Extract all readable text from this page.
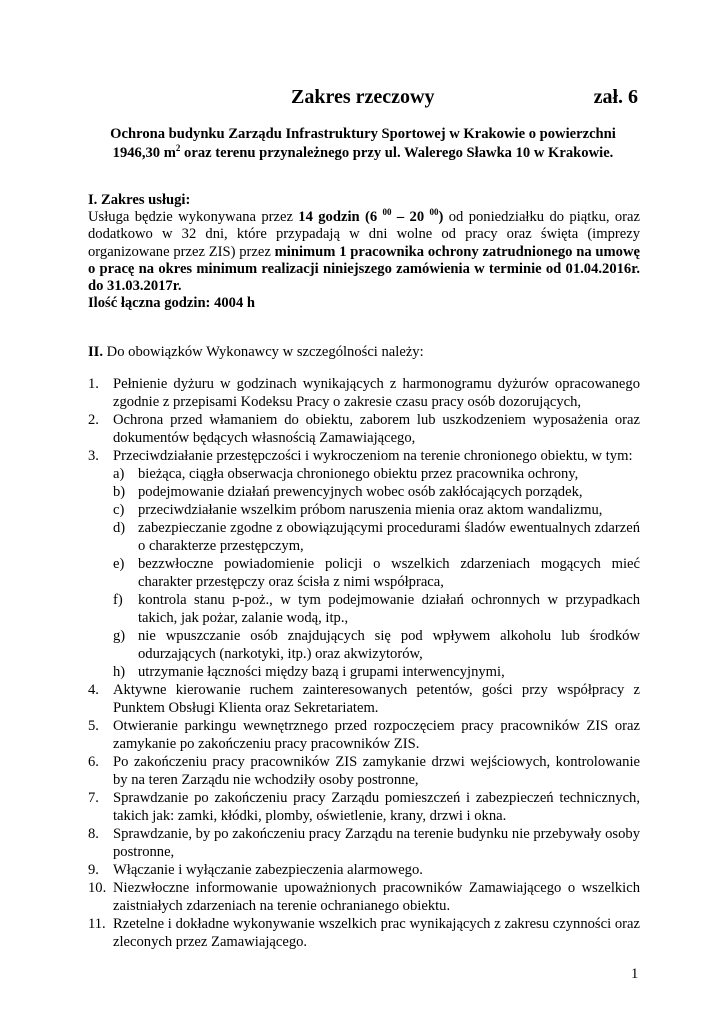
Zakres rzeczowy	zał. 6
Ochrona budynku Zarządu Infrastruktury Sportowej w Krakowie o powierzchni
1946,30 $m^2$ oraz terenu przynależnego przy ul. Walerego Sławka 10 w Krakowie.
I. Zakres usługi:
Usługa będzie wykonywana przez 14 godzin (6 $^{00}$ – 20 $^{00}$) od poniedziałku do piątku, oraz
dodatkowo w 32 dni, które przypadają w dni wolne od pracy oraz święta (imprezy
organizowane przez ZIS) przez minimum 1 pracownika ochrony zatrudnionego na umowę
o pracę na okres minimum realizacji niniejszego zamówienia w terminie od 01.04.2016r.
do 31.03.2017r.
Ilość łączna godzin: 4004 h
II. Do obowiązków Wykonawcy w szczególności należy:
1. Pełnienie dyżuru w godzinach wynikających z harmonogramu dyżurów opracowanego zgodnie z przepisami Kodeksu Pracy o zakresie czasu pracy osób dozorujących,
2. Ochrona przed włamaniem do obiektu, zaborem lub uszkodzeniem wyposażenia oraz dokumentów będących własnością Zamawiającego,
3. Przeciwdziałanie przestępczości i wykroczeniom na terenie chronionego obiektu, w tym:
a) bieżąca, ciągła obserwacja chronionego obiektu przez pracownika ochrony,
b) podejmowanie działań prewencyjnych wobec osób zakłócających porządek,
c) przeciwdziałanie wszelkim próbom naruszenia mienia oraz aktom wandalizmu,
d) zabezpieczanie zgodne z obowiązującymi procedurami śladów ewentualnych zdarzeń o charakterze przestępczym,
e) bezzwłoczne powiadomienie policji o wszelkich zdarzeniach mogących mieć charakter przestępczy oraz ścisła z nimi współpraca,
f) kontrola stanu p-poż., w tym podejmowanie działań ochronnych w przypadkach takich, jak pożar, zalanie wodą, itp.,
g) nie wpuszczanie osób znajdujących się pod wpływem alkoholu lub środków odurzających (narkotyki, itp.) oraz akwizytorów,
h) utrzymanie łączności między bazą i grupami interwencyjnymi,
4. Aktywne kierowanie ruchem zainteresowanych petentów, gości przy współpracy z Punktem Obsługi Klienta oraz Sekretariatem.
5. Otwieranie parkingu wewnętrznego przed rozpoczęciem pracy pracowników ZIS oraz zamykanie po zakończeniu pracy pracowników ZIS.
6. Po zakończeniu pracy pracowników ZIS zamykanie drzwi wejściowych, kontrolowanie by na teren Zarządu nie wchodziły osoby postronne,
7. Sprawdzanie po zakończeniu pracy Zarządu pomieszczeń i zabezpieczeń technicznych, takich jak: zamki, kłódki, plomby, oświetlenie, krany, drzwi i okna.
8. Sprawdzanie, by po zakończeniu pracy Zarządu na terenie budynku nie przebywały osoby postronne,
9. Włączanie i wyłączanie zabezpieczenia alarmowego.
10. Niezwłoczne informowanie upoważnionych pracowników Zamawiającego o wszelkich zaistniałych zdarzeniach na terenie ochranianego obiektu.
11. Rzetelne i dokładne wykonywanie wszelkich prac wynikających z zakresu czynności oraz zleconych przez Zamawiającego.
1
